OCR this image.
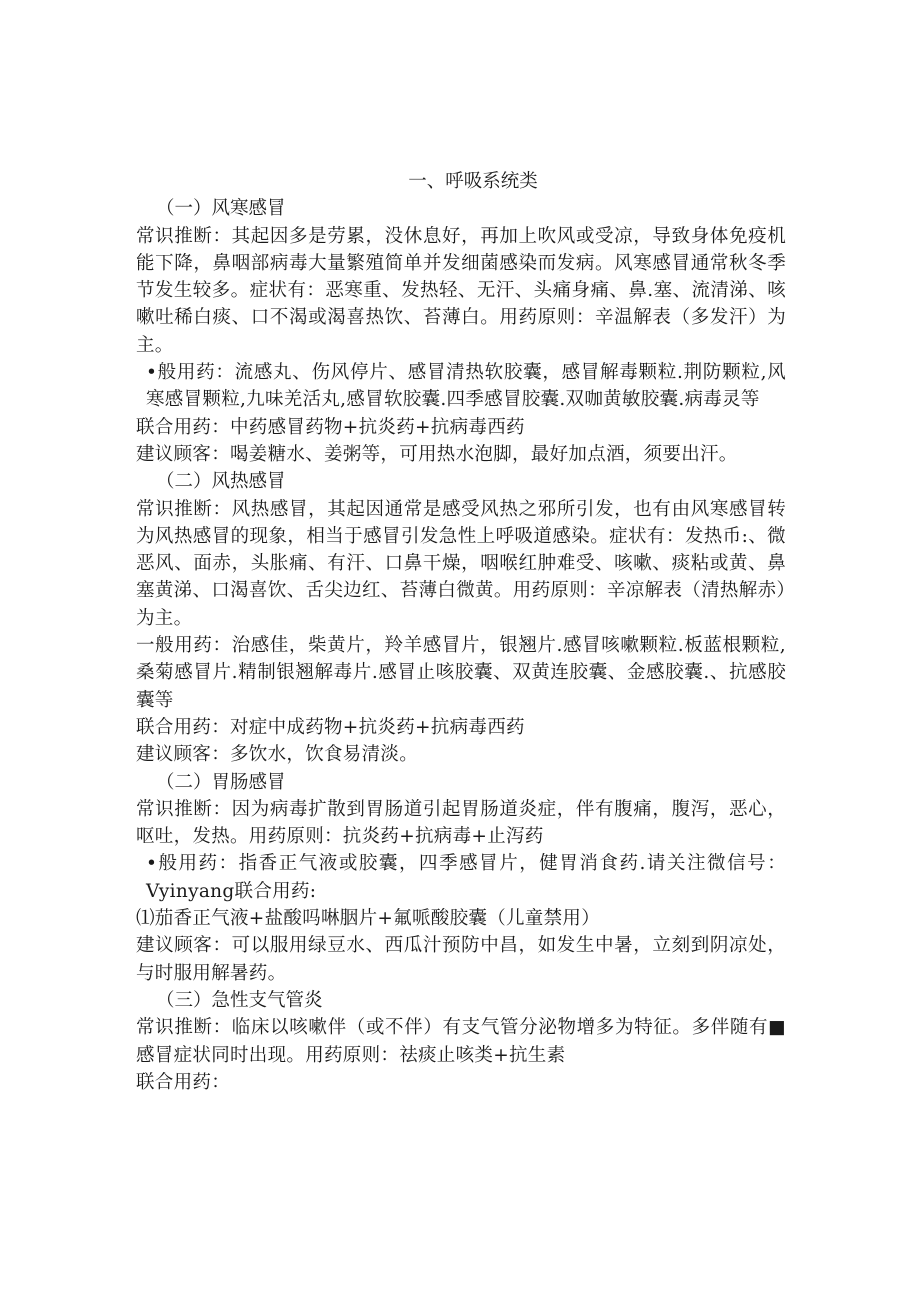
一、呼吸系统类
（一）风寒感冒

常识推断：其起因多是劳累，没休息好，再加上吹风或受凉，导致身体免疫机能下降，鼻咽部病毒大量繁殖简单并发细菌感染而发病。风寒感冒通常秋冬季节发生较多。症状有：恶寒重、发热轻、无汗、头痛身痛、鼻.塞、流清涕、咳嗽吐稀白痰、口不渴或渴喜热饮、苔薄白。用药原则：辛温解表（多发汗）为主。

•般用药：流感丸、伤风停片、感冒清热软胶囊，感冒解毒颗粒.荆防颗粒,风寒感冒颗粒,九味羌活丸,感冒软胶囊.四季感冒胶囊.双咖黄敏胶囊.病毒灵等

联合用药：中药感冒药物+抗炎药+抗病毒西药

建议顾客：喝姜糖水、姜粥等，可用热水泡脚，最好加点酒，须要出汗。

（二）风热感冒

常识推断：风热感冒，其起因通常是感受风热之邪所引发，也有由风寒感冒转为风热感冒的现象，相当于感冒引发急性上呼吸道感染。症状有：发热币:、微恶风、面赤，头胀痛、有汗、口鼻干燥，咽喉红肿难受、咳嗽、痰粘或黄、鼻塞黄涕、口渴喜饮、舌尖边红、苔薄白微黄。用药原则：辛凉解表（清热解赤）为主。

一般用药：治感佳，柴黄片，羚羊感冒片，银翘片.感冒咳嗽颗粒.板蓝根颗粒,桑菊感冒片.精制银翘解毒片.感冒止咳胶囊、双黄连胶囊、金感胶囊.、抗感胶囊等

联合用药：对症中成药物+抗炎药+抗病毒西药

建议顾客：多饮水，饮食易清淡。

（二）胃肠感冒

常识推断：因为病毒扩散到胃肠道引起胃肠道炎症，伴有腹痛，腹泻，恶心，呕吐，发热。用药原则：抗炎药+抗病毒+止泻药

•般用药：指香正气液或胶囊，四季感冒片，健胃消食药.请关注微信号：Vyinyang联合用药:

⑴茄香正气液+盐酸吗啉胭片+氟哌酸胶囊（儿童禁用）

建议顾客：可以服用绿豆水、西瓜汁预防中昌，如发生中暑，立刻到阴凉处，与时服用解暑药。

（三）急性支气管炎

常识推断：临床以咳嗽伴（或不伴）有支气管分泌物增多为特征。多伴随有■感冒症状同时出现。用药原则：祛痰止咳类+抗生素

联合用药：
